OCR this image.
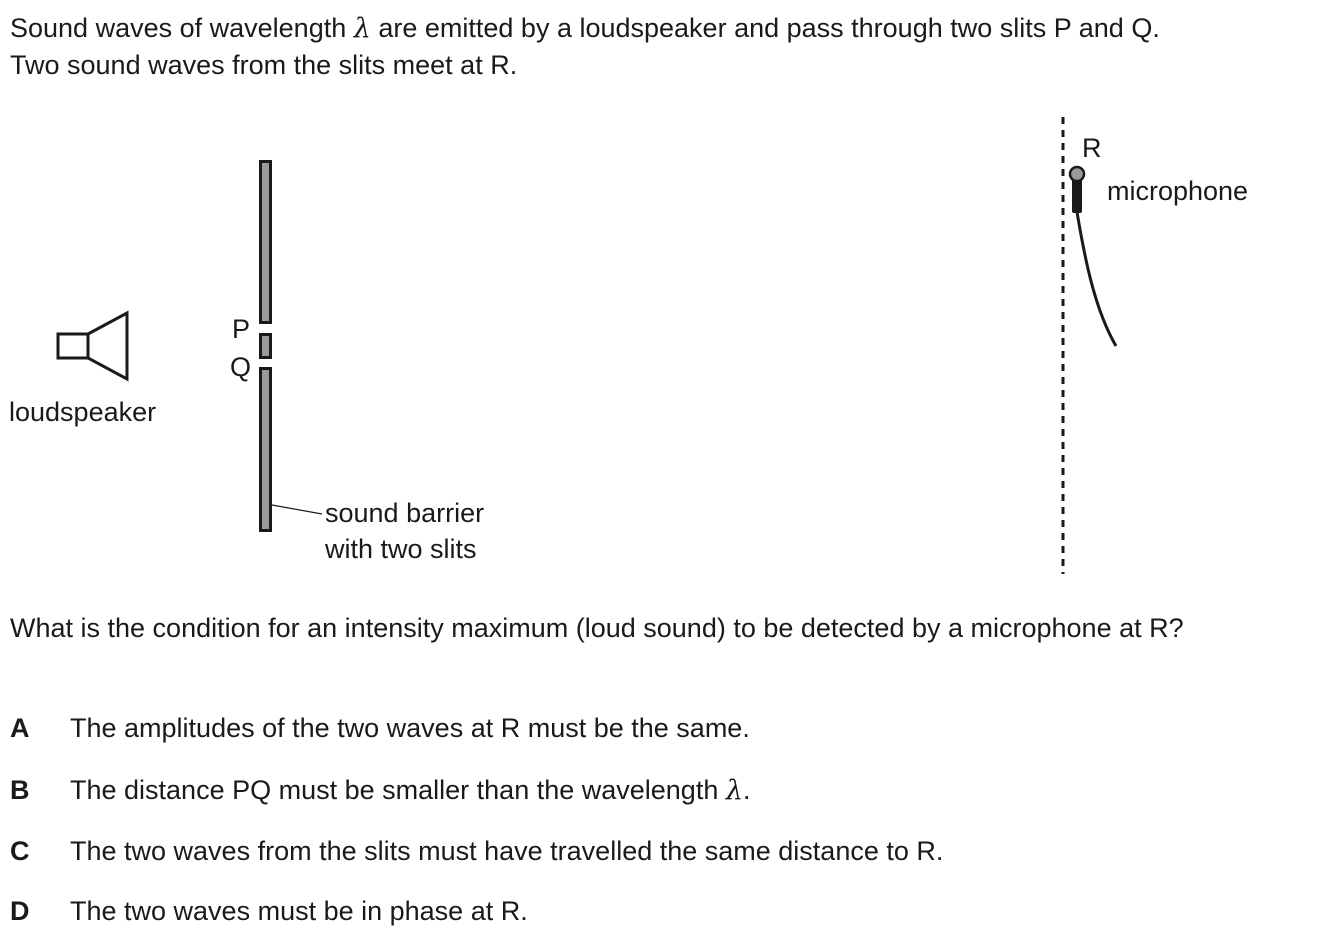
Sound waves of wavelength λ are emitted by a loudspeaker and pass through two slits P and Q.

Two sound waves from the slits meet at R.

loudspeaker
P
Q
sound barrier
with two slits
R
microphone

What is the condition for an intensity maximum (loud sound) to be detected by a microphone at R?

A	The amplitudes of the two waves at R must be the same.
B	The distance PQ must be smaller than the wavelength λ.
C	The two waves from the slits must have travelled the same distance to R.
D	The two waves must be in phase at R.
